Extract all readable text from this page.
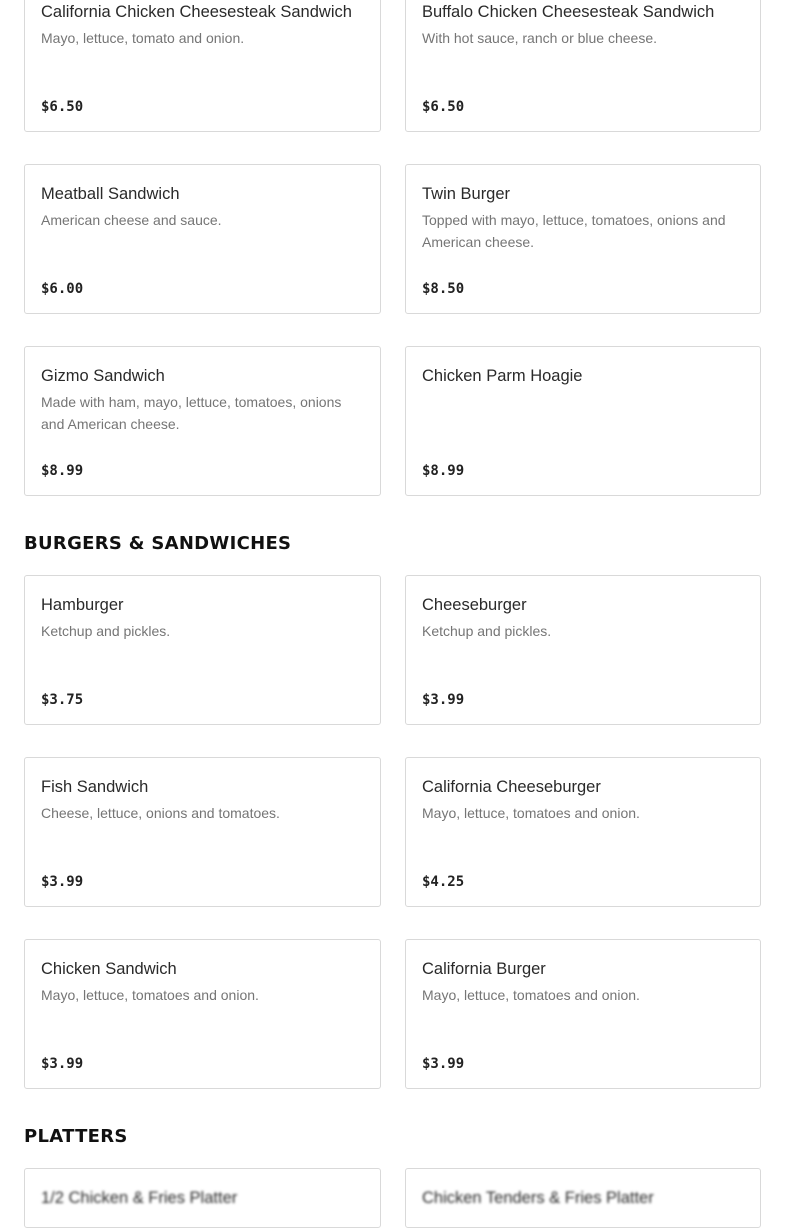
California Chicken Cheesesteak Sandwich
Mayo, lettuce, tomato and onion.
$6.50
Buffalo Chicken Cheesesteak Sandwich
With hot sauce, ranch or blue cheese.
$6.50
Meatball Sandwich
American cheese and sauce.
$6.00
Twin Burger
Topped with mayo, lettuce, tomatoes, onions and American cheese.
$8.50
Gizmo Sandwich
Made with ham, mayo, lettuce, tomatoes, onions and American cheese.
$8.99
Chicken Parm Hoagie
$8.99
BURGERS & SANDWICHES
Hamburger
Ketchup and pickles.
$3.75
Cheeseburger
Ketchup and pickles.
$3.99
Fish Sandwich
Cheese, lettuce, onions and tomatoes.
$3.99
California Cheeseburger
Mayo, lettuce, tomatoes and onion.
$4.25
Chicken Sandwich
Mayo, lettuce, tomatoes and onion.
$3.99
California Burger
Mayo, lettuce, tomatoes and onion.
$3.99
PLATTERS
1/2 Chicken & Fries Platter	Chicken Tenders & Fries Platter
